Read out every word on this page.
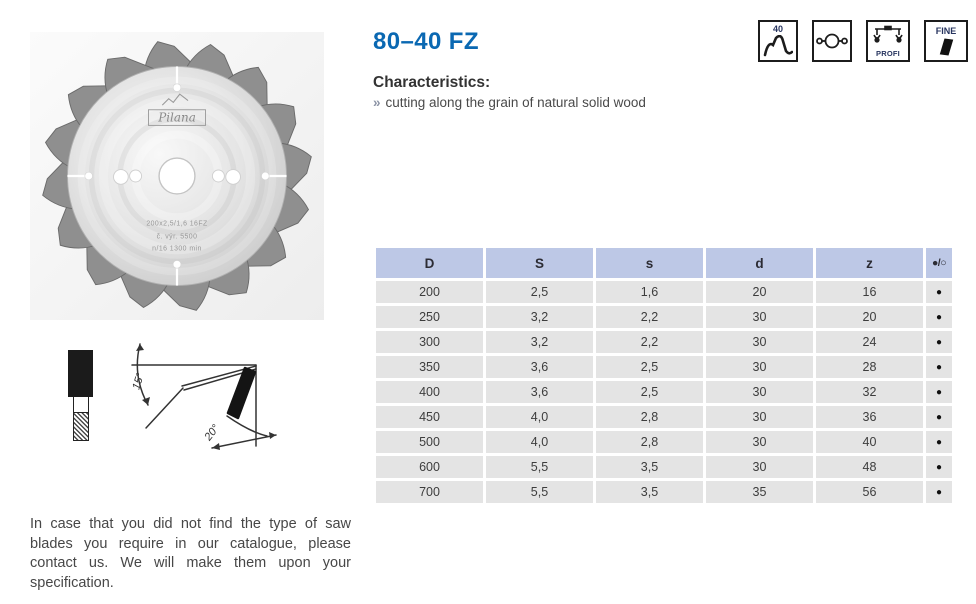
Pilana
200x2,5/1,6 16FZ
č. výr. 5500
n/16 1300 min
15°
20°
80–40 FZ
Characteristics:
» cutting along the grain of natural solid wood
40
PROFI
FINE
D	S	s	d	z	●/○
200	2,5	1,6	20	16	●
250	3,2	2,2	30	20	●
300	3,2	2,2	30	24	●
350	3,6	2,5	30	28	●
400	3,6	2,5	30	32	●
450	4,0	2,8	30	36	●
500	4,0	2,8	30	40	●
600	5,5	3,5	30	48	●
700	5,5	3,5	35	56	●
In case that you did not find the type of saw blades you require in our catalogue, please contact us. We will make them upon your specification.
